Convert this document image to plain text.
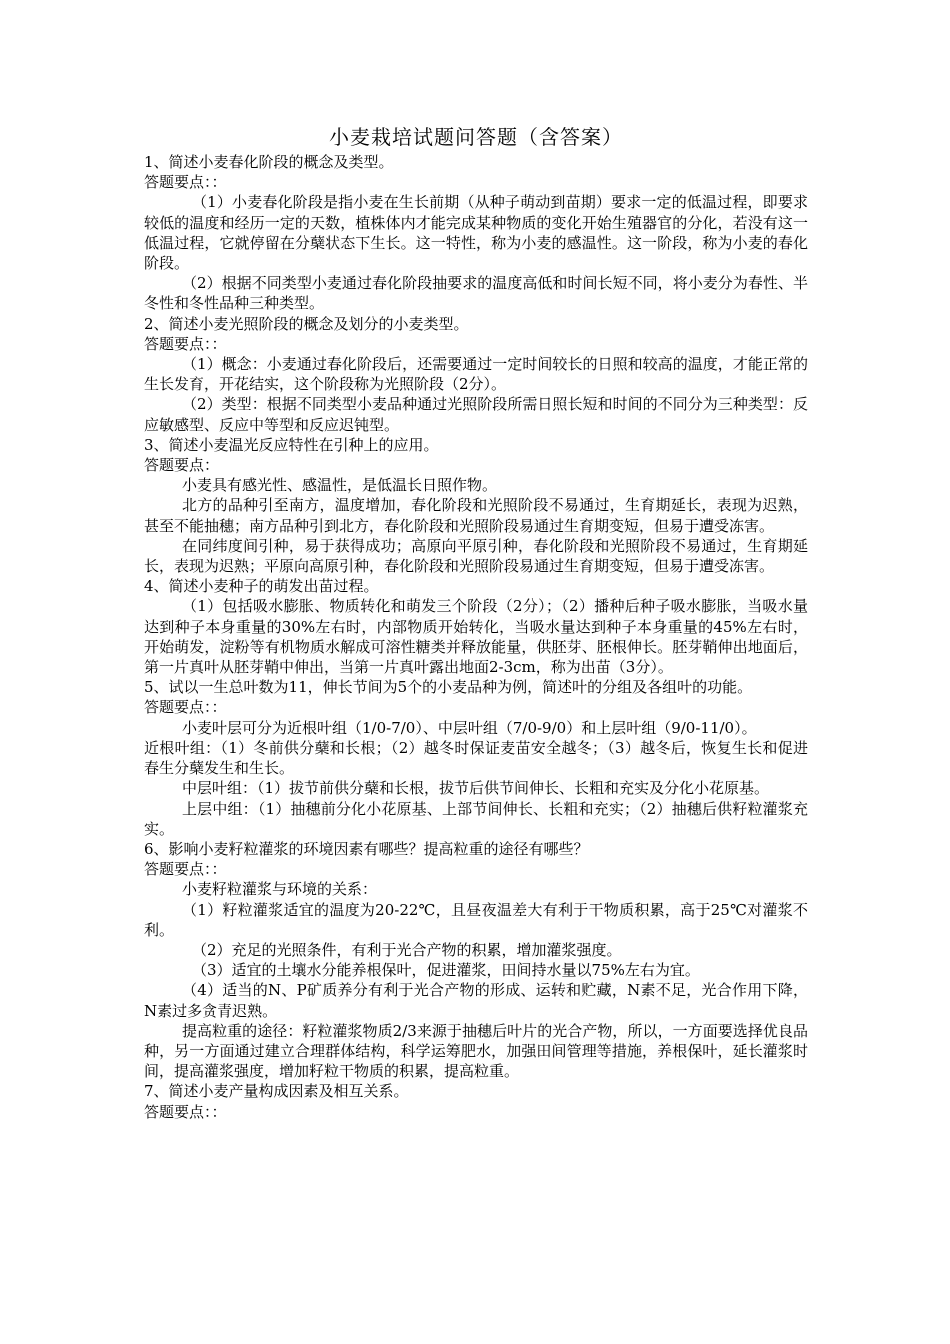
小麦栽培试题问答题（含答案）

1、简述小麦春化阶段的概念及类型。

答题要点：：

（1）小麦春化阶段是指小麦在生长前期（从种子萌动到苗期）要求一定的低温过程，即要求较低的温度和经历一定的天数，植株体内才能完成某种物质的变化开始生殖器官的分化，若没有这一低温过程，它就停留在分蘖状态下生长。这一特性，称为小麦的感温性。这一阶段，称为小麦的春化阶段。

（2）根据不同类型小麦通过春化阶段抽要求的温度高低和时间长短不同，将小麦分为春性、半冬性和冬性品种三种类型。

2、简述小麦光照阶段的概念及划分的小麦类型。

答题要点：：

（1）概念：小麦通过春化阶段后，还需要通过一定时间较长的日照和较高的温度，才能正常的生长发育，开花结实，这个阶段称为光照阶段（2分）。

（2）类型：根据不同类型小麦品种通过光照阶段所需日照长短和时间的不同分为三种类型：反应敏感型、反应中等型和反应迟钝型。

3、简述小麦温光反应特性在引种上的应用。

答题要点：

小麦具有感光性、感温性，是低温长日照作物。

北方的品种引至南方，温度增加，春化阶段和光照阶段不易通过，生育期延长，表现为迟熟，甚至不能抽穗；南方品种引到北方，春化阶段和光照阶段易通过生育期变短，但易于遭受冻害。

在同纬度间引种，易于获得成功；高原向平原引种，春化阶段和光照阶段不易通过，生育期延长，表现为迟熟；平原向高原引种，春化阶段和光照阶段易通过生育期变短，但易于遭受冻害。

4、简述小麦种子的萌发出苗过程。

（1）包括吸水膨胀、物质转化和萌发三个阶段（2分）；（2）播种后种子吸水膨胀，当吸水量达到种子本身重量的30%左右时，内部物质开始转化，当吸水量达到种子本身重量的45%左右时，开始萌发，淀粉等有机物质水解成可溶性糖类并释放能量，供胚芽、胚根伸长。胚芽鞘伸出地面后，第一片真叶从胚芽鞘中伸出，当第一片真叶露出地面2-3cm，称为出苗（3分）。

5、试以一生总叶数为11，伸长节间为5个的小麦品种为例，简述叶的分组及各组叶的功能。

答题要点：：

小麦叶层可分为近根叶组（1/0-7/0）、中层叶组（7/0-9/0）和上层叶组（9/0-11/0）。

近根叶组：（1）冬前供分蘖和长根；（2）越冬时保证麦苗安全越冬；（3）越冬后，恢复生长和促进春生分蘖发生和生长。

中层叶组：（1）拔节前供分蘖和长根，拔节后供节间伸长、长粗和充实及分化小花原基。

上层中组：（1）抽穗前分化小花原基、上部节间伸长、长粗和充实；（2）抽穗后供籽粒灌浆充实。

6、影响小麦籽粒灌浆的环境因素有哪些？提高粒重的途径有哪些？

答题要点：：

小麦籽粒灌浆与环境的关系：

（1）籽粒灌浆适宜的温度为20-22℃，且昼夜温差大有利于干物质积累，高于25℃对灌浆不利。

（2）充足的光照条件，有利于光合产物的积累，增加灌浆强度。

（3）适宜的土壤水分能养根保叶，促进灌浆，田间持水量以75%左右为宜。

（4）适当的N、P矿质养分有利于光合产物的形成、运转和贮藏，N素不足，光合作用下降，N素过多贪青迟熟。

提高粒重的途径：籽粒灌浆物质2/3来源于抽穗后叶片的光合产物，所以，一方面要选择优良品种，另一方面通过建立合理群体结构，科学运筹肥水，加强田间管理等措施，养根保叶，延长灌浆时间，提高灌浆强度，增加籽粒干物质的积累，提高粒重。

7、简述小麦产量构成因素及相互关系。

答题要点：：
